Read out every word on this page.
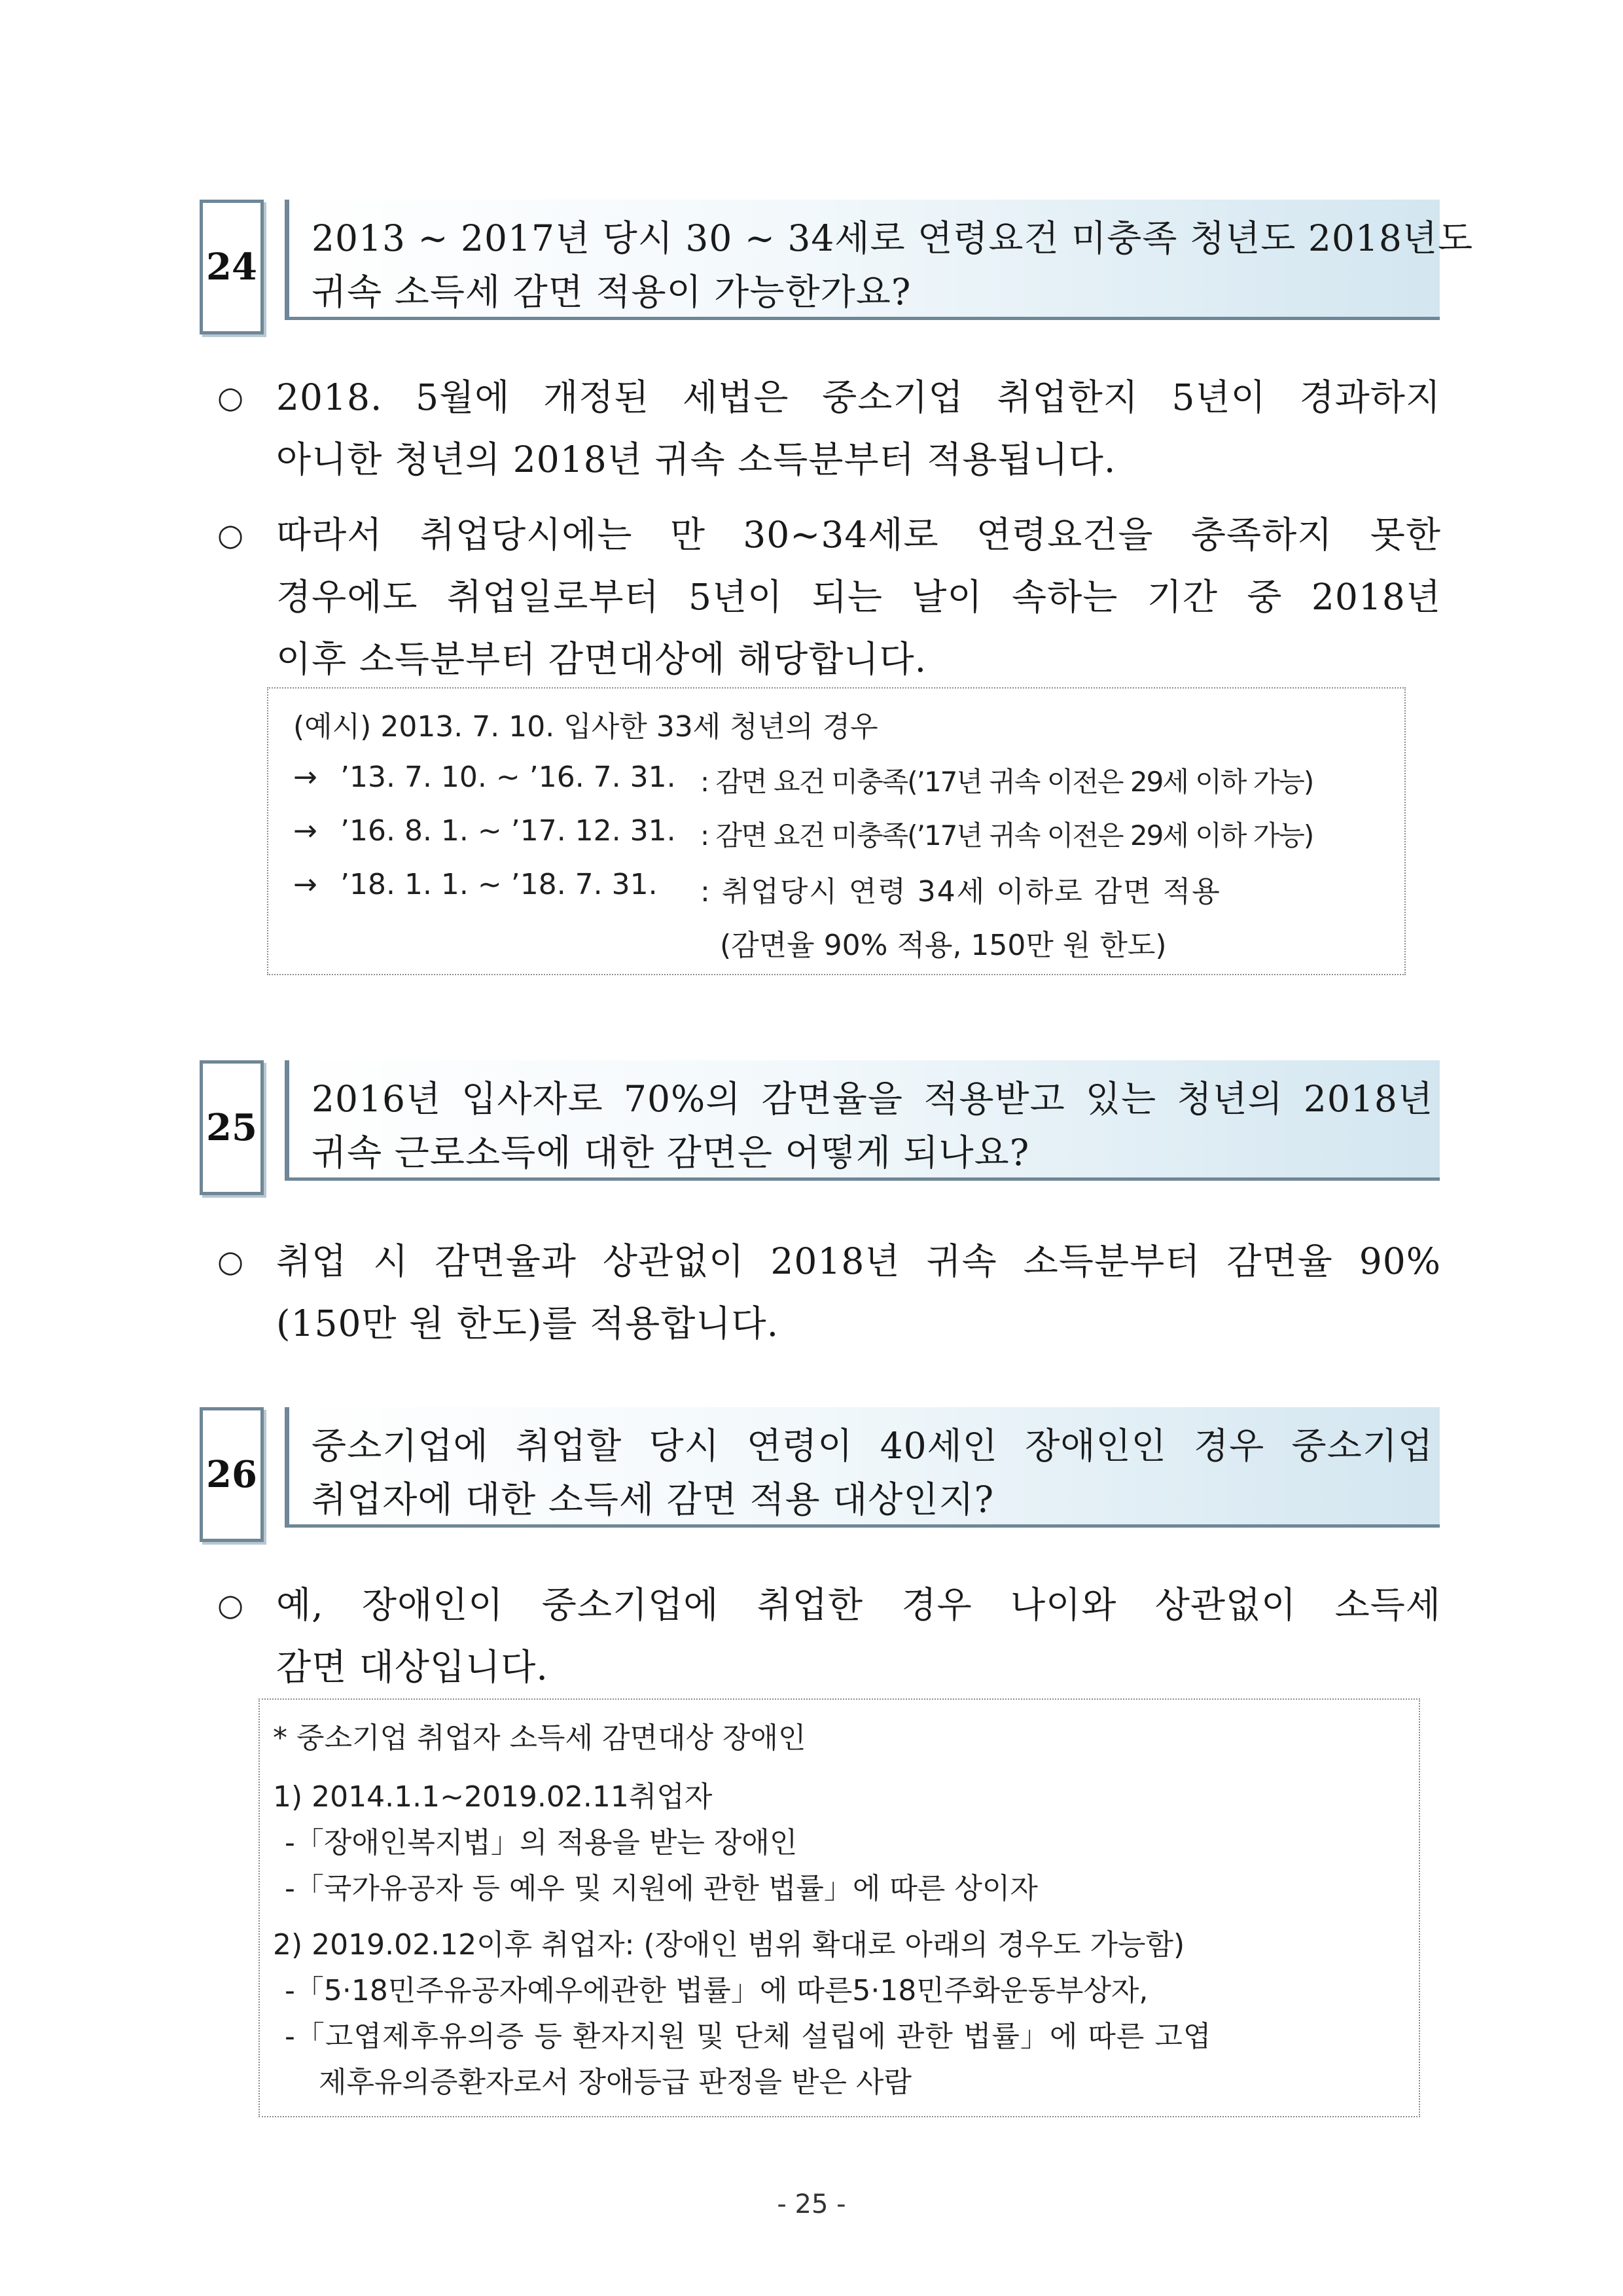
24
2013 ~ 2017년 당시 30 ~ 34세로 연령요건 미충족 청년도 2018년도
귀속 소득세 감면 적용이 가능한가요?
○ 2018. 5월에 개정된 세법은 중소기업 취업한지 5년이 경과하지
아니한 청년의 2018년 귀속 소득분부터 적용됩니다.
○ 따라서 취업당시에는 만 30~34세로 연령요건을 충족하지 못한
경우에도 취업일로부터 5년이 되는 날이 속하는 기간 중 2018년
이후 소득분부터 감면대상에 해당합니다.
(예시) 2013. 7. 10. 입사한 33세 청년의 경우
→ ’13. 7. 10. ~ ’16. 7. 31. : 감면 요건 미충족(’17년 귀속 이전은 29세 이하 가능)
→ ’16. 8. 1. ~ ’17. 12. 31. : 감면 요건 미충족(’17년 귀속 이전은 29세 이하 가능)
→ ’18. 1. 1. ~ ’18. 7. 31. : 취업당시 연령 34세 이하로 감면 적용
(감면율 90% 적용, 150만 원 한도)
25
2016년 입사자로 70%의 감면율을 적용받고 있는 청년의 2018년
귀속 근로소득에 대한 감면은 어떻게 되나요?
○ 취업 시 감면율과 상관없이 2018년 귀속 소득분부터 감면율 90%
(150만 원 한도)를 적용합니다.
26
중소기업에 취업할 당시 연령이 40세인 장애인인 경우 중소기업
취업자에 대한 소득세 감면 적용 대상인지?
○ 예, 장애인이 중소기업에 취업한 경우 나이와 상관없이 소득세
감면 대상입니다.
* 중소기업 취업자 소득세 감면대상 장애인
1) 2014.1.1~2019.02.11취업자
-「장애인복지법」의 적용을 받는 장애인
-「국가유공자 등 예우 및 지원에 관한 법률」에 따른 상이자
2) 2019.02.12이후 취업자: (장애인 범위 확대로 아래의 경우도 가능함)
-「5·18민주유공자예우에관한 법률」에 따른5·18민주화운동부상자,
-「고엽제후유의증 등 환자지원 및 단체 설립에 관한 법률」에 따른 고엽
제후유의증환자로서 장애등급 판정을 받은 사람
- 25 -
